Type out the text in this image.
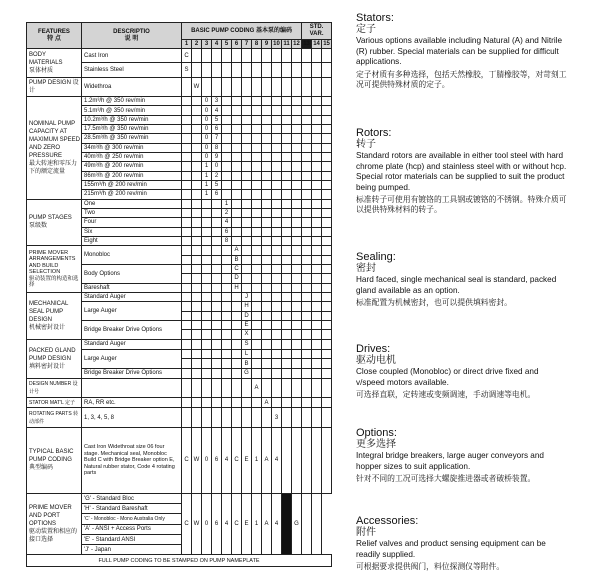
FEATURES
特 点	DESCRIPTIO
说 明	BASIC PUMP CODING 基本泵的编码												STD. VAR.		
		1	2	3	4	5	6	7	8	9	10	11	12	13	14	15
BODY MATERIALS
泵体材质	Cast Iron	C														
	Stainless Steel	S														
PUMP DESIGN 设计	Widethroa		W													
NOMINAL PUMP CAPACITY AT MAXIMUM SPEED AND ZERO PRESSURE
最大转速和零压力下的额定流量	1.2m³/h @ 350 rev/min			0	3											
	5.1m³/h @ 350 rev/min			0	4											
	10.2m³/h @ 350 rev/min			0	5											
	17.5m³/h @ 350 rev/min			0	6											
	28.5m³/h @ 350 rev/min			0	7											
	34m³/h @ 300 rev/min			0	8											
	40m³/h @ 250 rev/min			0	9											
	49m³/h @ 200 rev/min			1	0											
	86m³/h @ 200 rev/min			1	2											
	155m³/h @ 200 rev/min			1	5											
	215m³/h @ 200 rev/min			1	6											
PUMP STAGES
泵级数	One					1										
	Two					2										
	Four					4										
	Six					6										
	Eight					8										
PRIME MOVER ARRANGEMENTS AND BUILD SELECTION
驱动装置的构造和选择	Monobloc						A									
							B									
	Body Options						C									
							D									
	Bareshaft						H									
MECHANICAL SEAL PUMP DESIGN
机械密封设计	Standard Auger							J								
	Large Auger							H								
								D								
	Bridge Breaker Drive Options							E								
								X								
PACKED GLAND PUMP DESIGN
填料密封设计	Standard Auger							S								
	Large Auger							L								
								B								
	Bridge Breaker Drive Options							G								
DESIGN NUMBER 设计号									A							
STATOR MAT'L 定子	RA, RR etc.									A						
ROTATING PARTS 转动部件	1, 3, 4, 5, 8										3					
TYPICAL BASIC PUMP CODING
典型编码	Cast Iron Widethroat size 06 four stage. Mechanical seal, Monobloc Build C with Bridge Breaker option E, Natural rubber stator, Code 4 rotating parts	C	W	0	6	4	C	E	1	A	4					
PRIME MOVER AND PORT OPTIONS
驱动装置和相应的接口选择	'G' - Standard Bloc	C	W	0	6	4	C	E	1	A	4		G			
	'H' - Standard Bareshaft															
	'C' - Monobloc - Mono Australia Only															
	'A' - ANSI + Access Ports															
	'E' - Standard ANSI															
	'J' - Japan															
FULL PUMP CODING TO BE STAMPED ON PUMP NAMEPLATE																

Stators:

定子

Various options available including Natural (A) and Nitrile (R) rubber. Special materials can be supplied for difficult applications.

定子材质有多种选择，包括天然橡胶，丁腈橡胶等，对苛刻工况可提供特殊材质的定子。

Rotors:

转子

Standard rotors are available in either tool steel with hard chrome plate (hcp) and stainless steel with or without hcp. Special rotor materials can be supplied to suit the product being pumped.

标准转子可使用有镀铬的工具钢或镀铬的不锈钢。特殊介质可以提供特殊材料的转子。

Sealing:

密封

Hard faced, single mechanical seal is standard, packed gland available as an option.

标准配置为机械密封，也可以提供填料密封。

Drives:

驱动电机

Close coupled (Monobloc) or direct drive fixed and v/speed motors available.

可选择直联，定转速或变频调速，手动调速等电机。

Options:

更多选择

Integral bridge breakers, large auger conveyors and hopper sizes to suit application.

针对不同的工况可选择大螺旋推进器或者破桥装置。

Accessories:

附件

Relief valves and product sensing equipment can be readily supplied.

可根据要求提供阀门，料位探测仪等附件。
